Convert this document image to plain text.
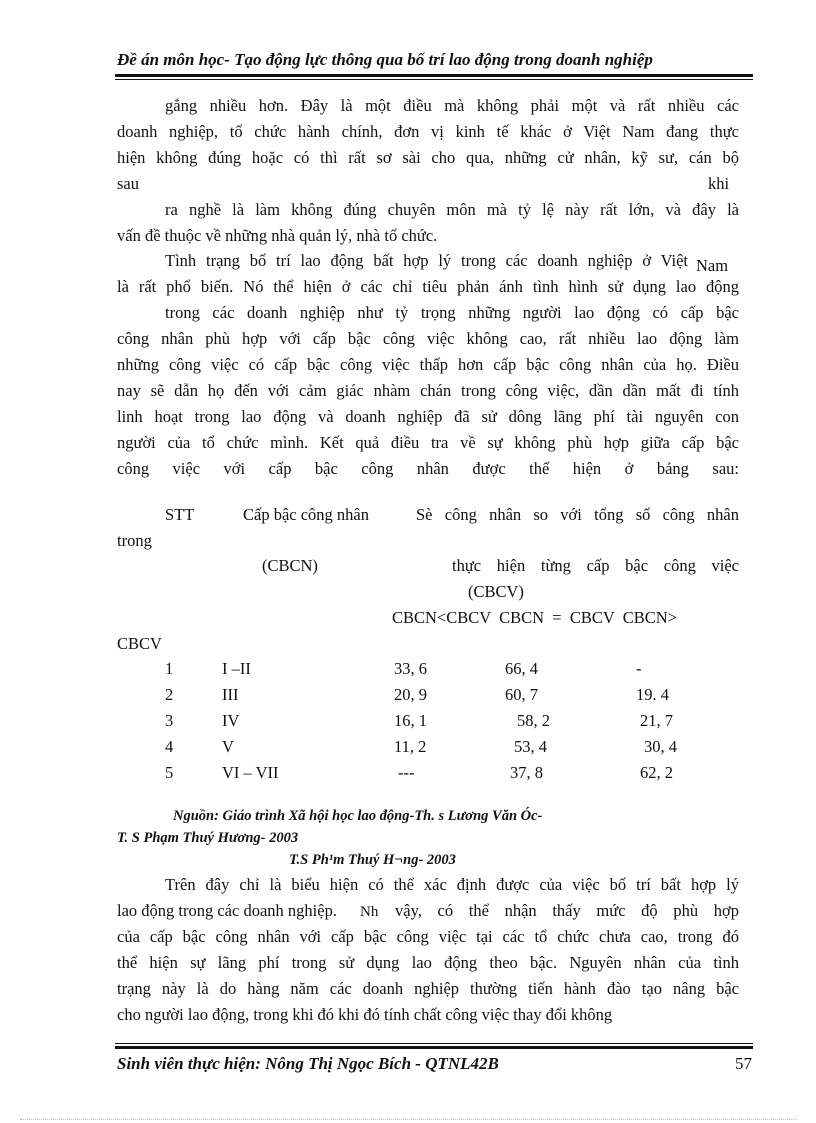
Đề án môn học- Tạo động lực thông qua bố trí lao động trong doanh nghiệp
gắng nhiều hơn. Đây là một điều mà không phải một và rất nhiều các
doanh nghiệp, tổ chức hành chính, đơn vị kinh tế khác ở Việt Nam đang thực
hiện không đúng hoặc có thì rất sơ sài cho qua, những cử nhân, kỹ sư, cán bộ
sau	khi
ra nghề là làm không đúng chuyên môn mà tỷ lệ này rất lớn, và đây là
vấn đề thuộc về những nhà quản lý, nhà tổ chức.
Tình trạng bố trí lao động bất hợp lý trong các doanh nghiệp ở Việt Nam
là rất phổ biến. Nó thể hiện ở các chỉ tiêu phản ánh tình hình sử dụng lao động
trong các doanh nghiệp như tỷ trọng những người lao động có cấp bậc
công nhân phù hợp với cấp bậc công việc không cao, rất nhiều lao động làm
những công việc có cấp bậc công việc thấp hơn cấp bậc công nhân của họ. Điều
nay sẽ dẫn họ đến với cảm giác nhàm chán trong công việc, dần dần mất đi tính
linh hoạt trong lao động và doanh nghiệp đã sử dông lãng phí tài nguyên con
người của tổ chức mình. Kết quả điều tra về sự không phù hợp giữa cấp bậc
công việc với cấp bậc công nhân được thể hiện ở bảng sau:
STT	Cấp bậc công nhân	Sè công nhân so với tổng số công nhân
trong
(CBCN)	thực hiện từng cấp bậc công việc
(CBCV)
CBCN<CBCV  CBCN  =  CBCV  CBCN>
CBCV
1	I –II	33, 6	66, 4	-
2	III	20, 9	60, 7	19. 4
3	IV	16, 1	58, 2	21, 7
4	V	11, 2	53, 4	30, 4
5	VI – VII	---	37, 8	62, 2
Nguồn: Giáo trình Xã hội học lao động-Th. s Lương Văn Óc-
T. S Phạm Thuý Hương- 2003
T.S Ph¹m Thuý H¬ng- 2003
Trên đây chỉ là biểu hiện có thể xác định được của việc bố trí bất hợp lý
lao động trong các doanh nghiệp. Nh vậy, có thể nhận thấy mức độ phù hợp
của cấp bậc công nhân với cấp bậc công việc tại các tổ chức chưa cao, trong đó
thể hiện sự lãng phí trong sử dụng lao động theo bậc. Nguyên nhân của tình
trạng này là do hàng năm các doanh nghiệp thường tiến hành đào tạo nâng bậc
cho người lao động, trong khi đó khi đó tính chất công việc thay đổi không
Sinh viên thực hiện: Nông Thị Ngọc Bích - QTNL42B	57
